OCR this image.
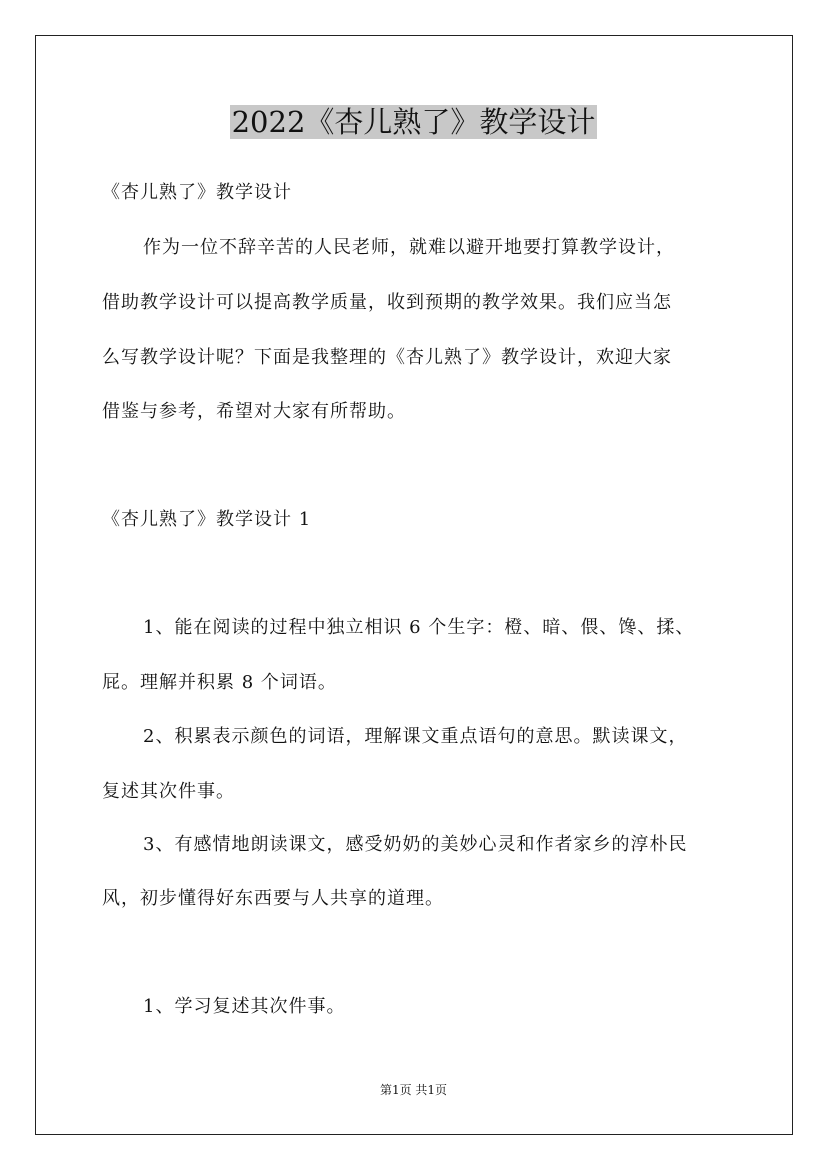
2022《杏儿熟了》教学设计
《杏儿熟了》教学设计
作为一位不辞辛苦的人民老师，就难以避开地要打算教学设计，
借助教学设计可以提高教学质量，收到预期的教学效果。我们应当怎
么写教学设计呢？下面是我整理的《杏儿熟了》教学设计，欢迎大家
借鉴与参考，希望对大家有所帮助。
《杏儿熟了》教学设计 1
1、能在阅读的过程中独立相识 6 个生字：橙、暗、偎、馋、揉、
屁。理解并积累 8 个词语。
2、积累表示颜色的词语，理解课文重点语句的意思。默读课文，
复述其次件事。
3、有感情地朗读课文，感受奶奶的美妙心灵和作者家乡的淳朴民
风，初步懂得好东西要与人共享的道理。
1、学习复述其次件事。
第1页 共1页
